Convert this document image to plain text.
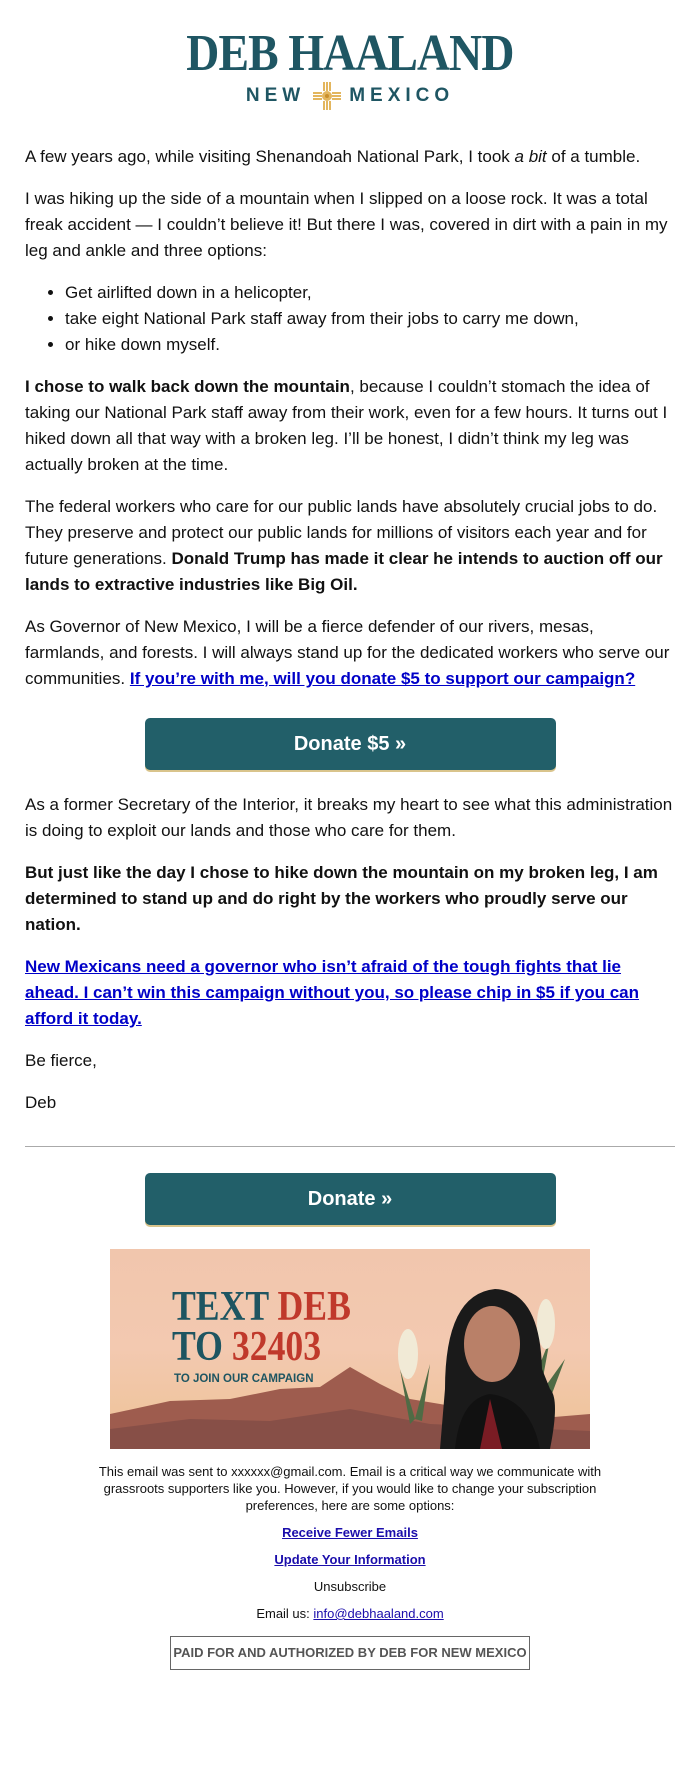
DEB HAALAND
NEW MEXICO

A few years ago, while visiting Shenandoah National Park, I took a bit of a tumble.

I was hiking up the side of a mountain when I slipped on a loose rock. It was a total freak accident — I couldn’t believe it! But there I was, covered in dirt with a pain in my leg and ankle and three options:

• Get airlifted down in a helicopter,
• take eight National Park staff away from their jobs to carry me down,
• or hike down myself.

I chose to walk back down the mountain, because I couldn’t stomach the idea of taking our National Park staff away from their work, even for a few hours. It turns out I hiked down all that way with a broken leg. I’ll be honest, I didn’t think my leg was actually broken at the time.

The federal workers who care for our public lands have absolutely crucial jobs to do. They preserve and protect our public lands for millions of visitors each year and for future generations. Donald Trump has made it clear he intends to auction off our lands to extractive industries like Big Oil.

As Governor of New Mexico, I will be a fierce defender of our rivers, mesas, farmlands, and forests. I will always stand up for the dedicated workers who serve our communities. If you’re with me, will you donate $5 to support our campaign?

Donate $5 »

As a former Secretary of the Interior, it breaks my heart to see what this administration is doing to exploit our lands and those who care for them.

But just like the day I chose to hike down the mountain on my broken leg, I am determined to stand up and do right by the workers who proudly serve our nation.

New Mexicans need a governor who isn’t afraid of the tough fights that lie ahead. I can’t win this campaign without you, so please chip in $5 if you can afford it today.

Be fierce,

Deb

Donate »
TEXT DEB
TO 32403
TO JOIN OUR CAMPAIGN

This email was sent to xxxxxx@gmail.com. Email is a critical way we communicate with grassroots supporters like you. However, if you would like to change your subscription preferences, here are some options:

Receive Fewer Emails

Update Your Information

Unsubscribe

Email us: info@debhaaland.com

PAID FOR AND AUTHORIZED BY DEB FOR NEW MEXICO
